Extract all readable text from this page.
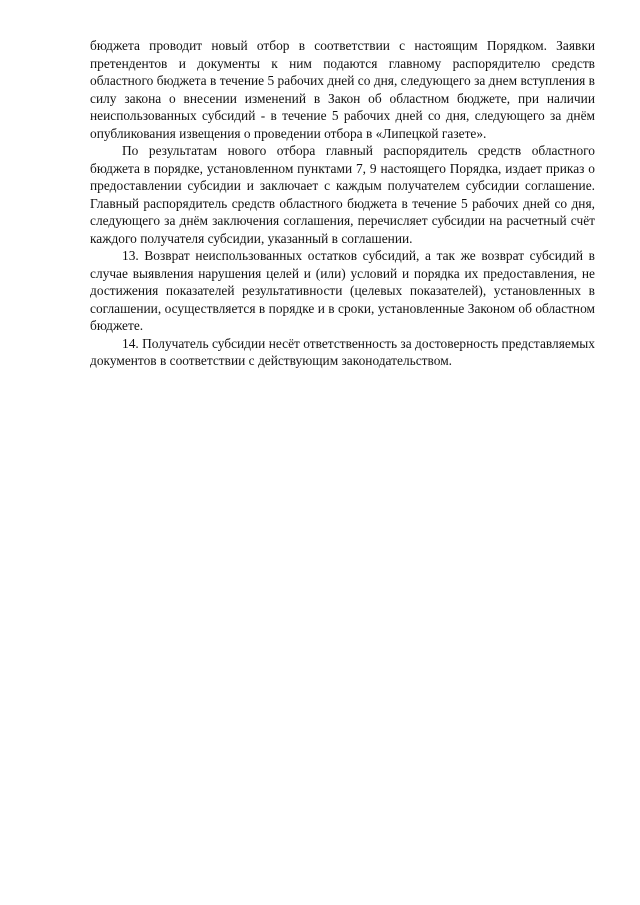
бюджета проводит новый отбор в соответствии с настоящим Порядком. Заявки претендентов и документы к ним подаются главному распорядителю средств областного бюджета в течение 5 рабочих дней со дня, следующего за днем вступления в силу закона о внесении изменений в Закон об областном бюджете, при наличии неиспользованных субсидий - в течение 5 рабочих дней со дня, следующего за днём опубликования извещения о проведении отбора в «Липецкой газете».

По результатам нового отбора главный распорядитель средств областного бюджета в порядке, установленном пунктами 7, 9 настоящего Порядка, издает приказ о предоставлении субсидии и заключает с каждым получателем субсидии соглашение. Главный распорядитель средств областного бюджета в течение 5 рабочих дней со дня, следующего за днём заключения соглашения, перечисляет субсидии на расчетный счёт каждого получателя субсидии, указанный в соглашении.

13. Возврат неиспользованных остатков субсидий, а так же возврат субсидий в случае выявления нарушения целей и (или) условий и порядка их предоставления, не достижения показателей результативности (целевых показателей), установленных в соглашении, осуществляется в порядке и в сроки, установленные Законом об областном бюджете.

14. Получатель субсидии несёт ответственность за достоверность представляемых документов в соответствии с действующим законодательством.
